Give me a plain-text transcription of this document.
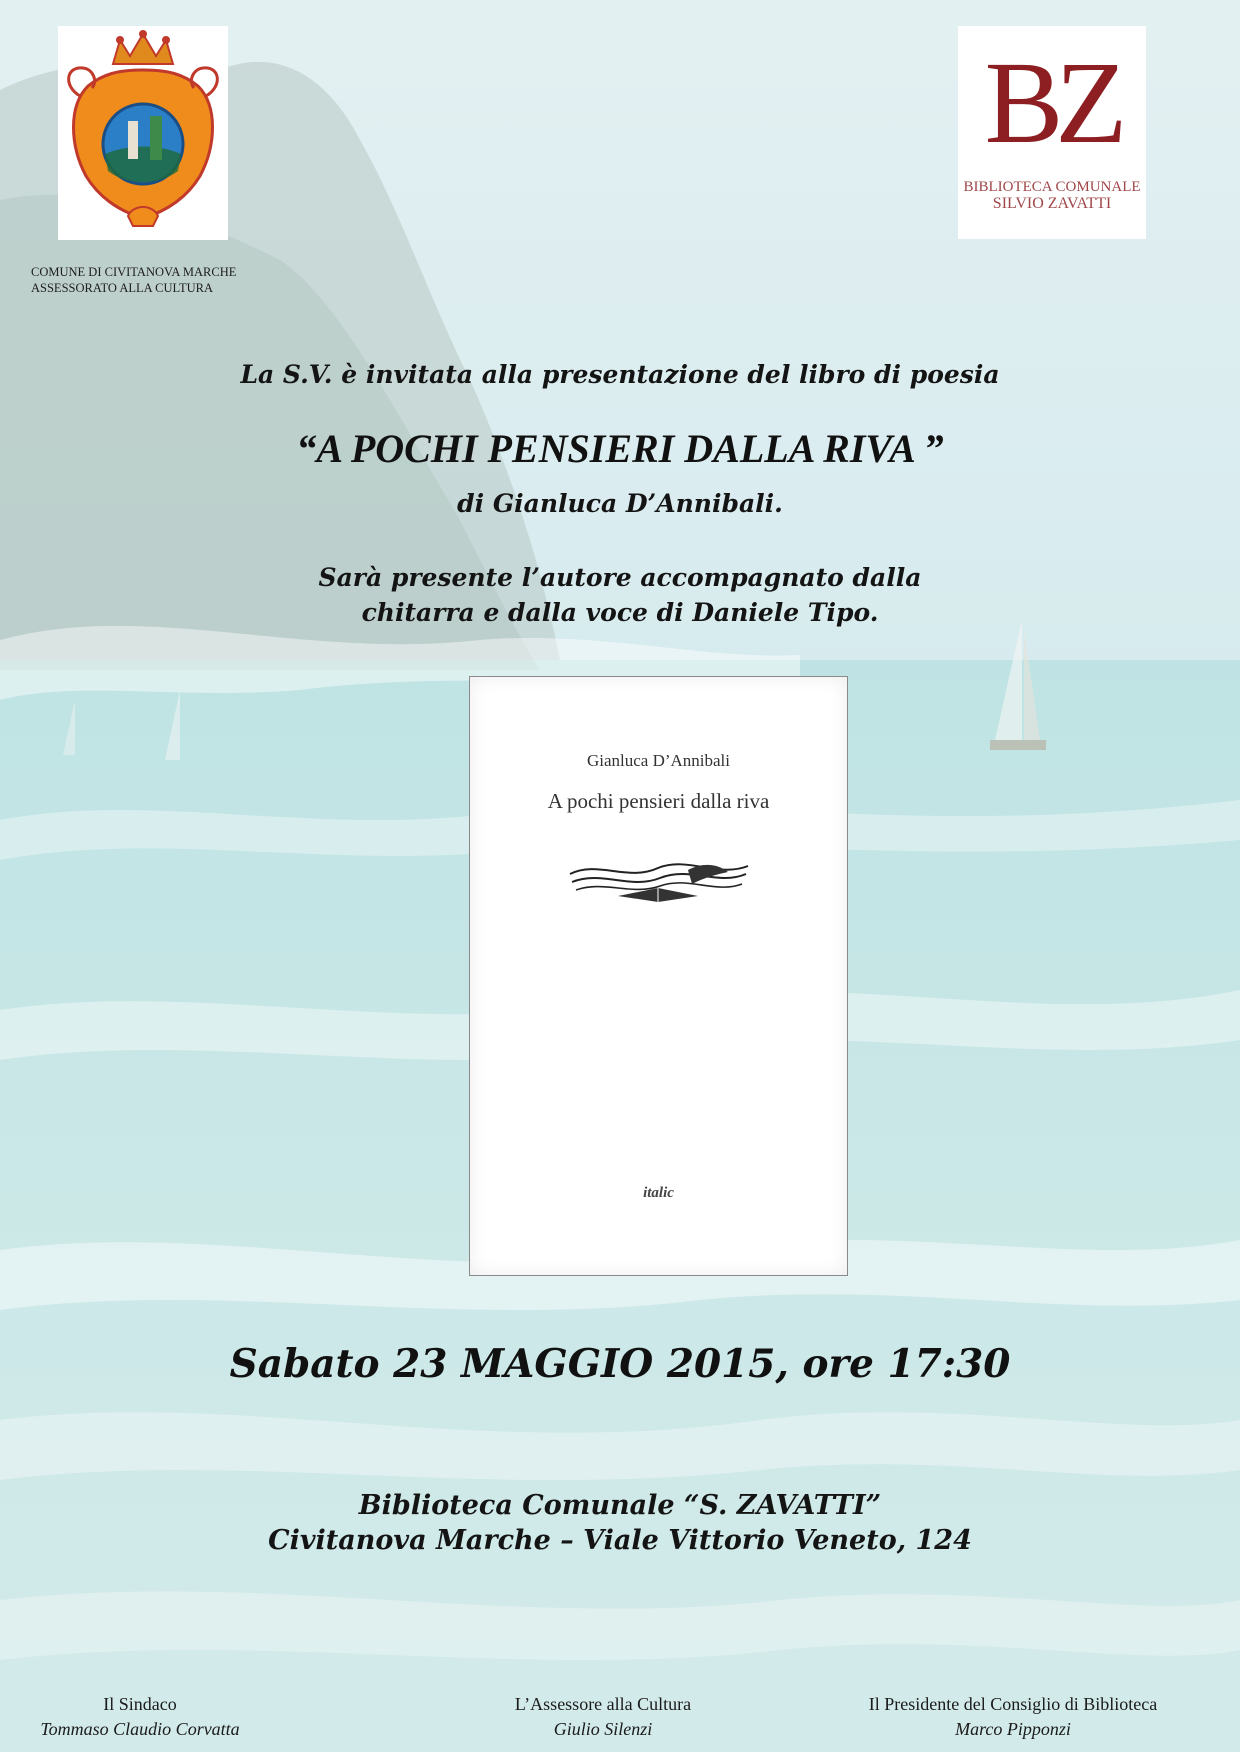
BZ
BIBLIOTECA COMUNALE
SILVIO ZAVATTI
COMUNE DI CIVITANOVA MARCHE
ASSESSORATO ALLA CULTURA
La S.V. è invitata alla presentazione del libro di poesia
“A POCHI PENSIERI DALLA RIVA ”
di Gianluca D’Annibali.
Sarà presente l’autore accompagnato dalla
chitarra e dalla voce di Daniele Tipo.
Gianluca D’Annibali
A pochi pensieri dalla riva
italic
Sabato 23 MAGGIO 2015, ore 17:30
Biblioteca Comunale “S. ZAVATTI”
Civitanova Marche – Viale Vittorio Veneto, 124
Il Sindaco
Tommaso Claudio Corvatta
L’Assessore alla Cultura
Giulio Silenzi
Il Presidente del Consiglio di Biblioteca
Marco Pipponzi
